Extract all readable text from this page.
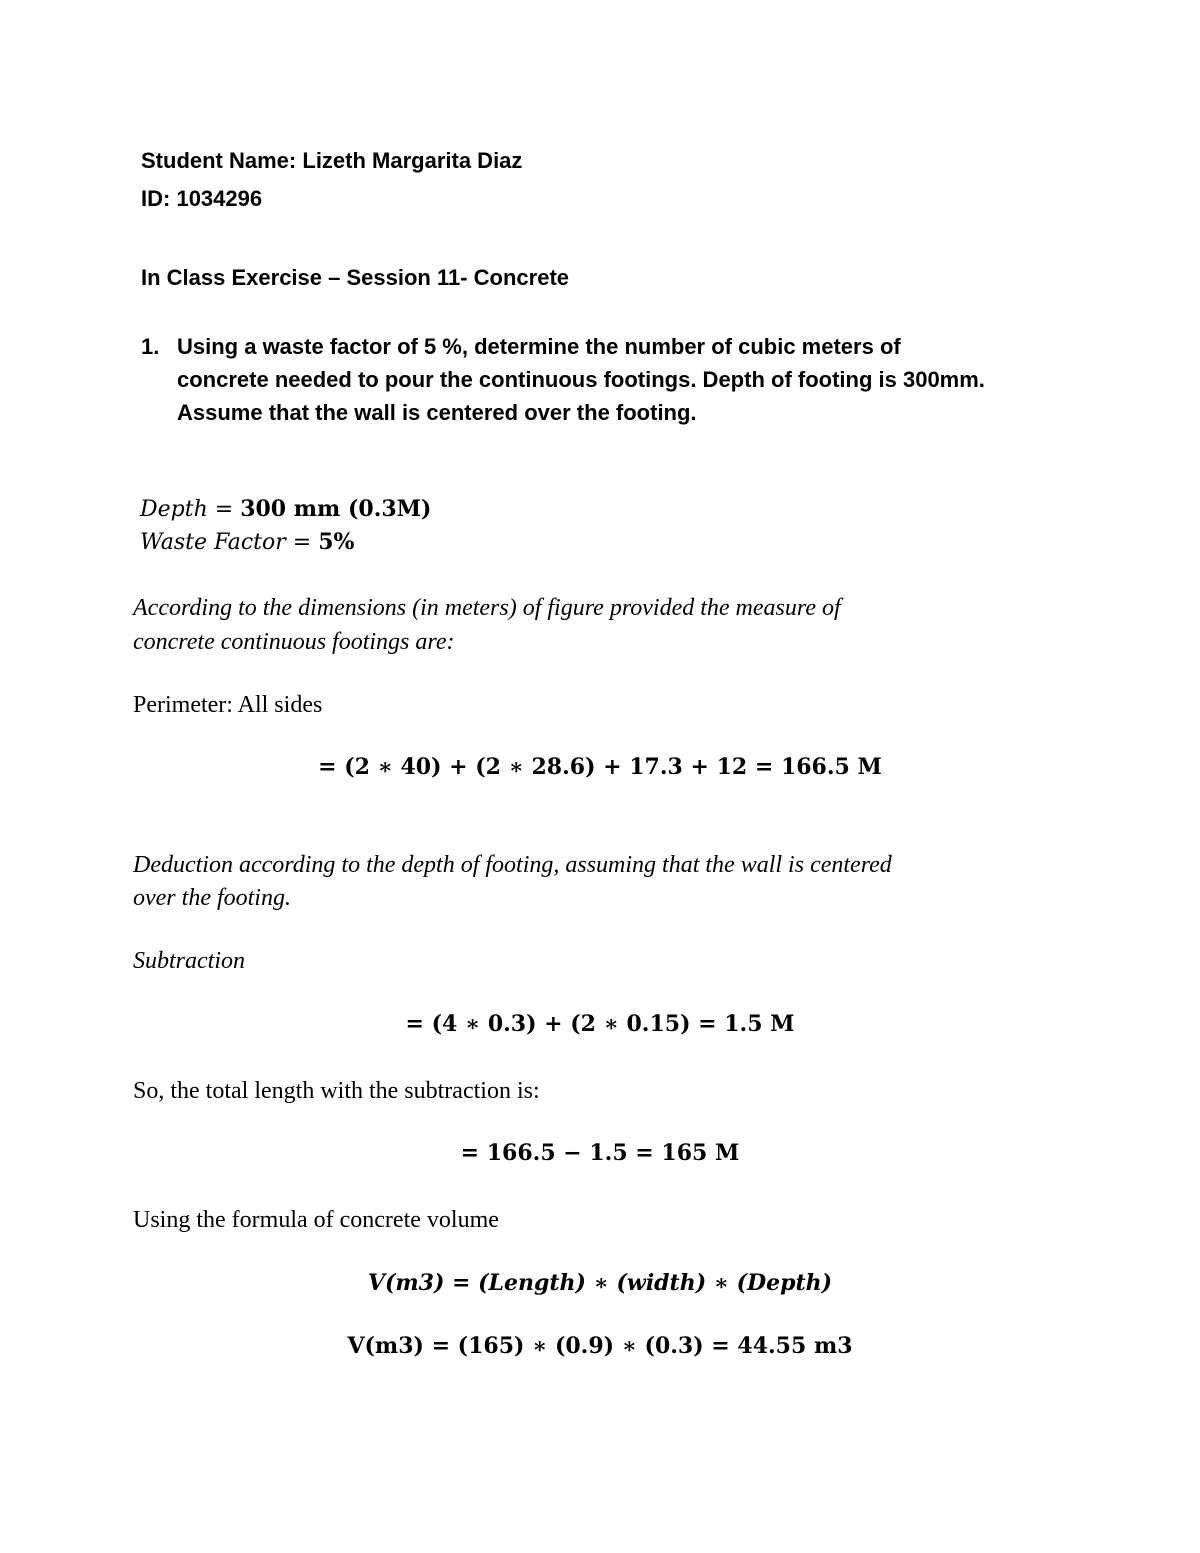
Student Name: Lizeth Margarita Diaz
ID: 1034296
In Class Exercise – Session 11- Concrete
1. Using a waste factor of 5 %, determine the number of cubic meters of
concrete needed to pour the continuous footings. Depth of footing is 300mm.
Assume that the wall is centered over the footing.
Depth = 300 mm (0.3M)
Waste Factor = 5%
According to the dimensions (in meters) of figure provided the measure of
concrete continuous footings are:
Perimeter: All sides
= (2 ∗ 40) + (2 ∗ 28.6) + 17.3 + 12 = 166.5 M
Deduction according to the depth of footing, assuming that the wall is centered
over the footing.
Subtraction
= (4 ∗ 0.3) + (2 ∗ 0.15) = 1.5 M
So, the total length with the subtraction is:
= 166.5 − 1.5 = 165 M
Using the formula of concrete volume
V(m3) = (Length) ∗ (width) ∗ (Depth)
V(m3) = (165) ∗ (0.9) ∗ (0.3) = 44.55 m3
